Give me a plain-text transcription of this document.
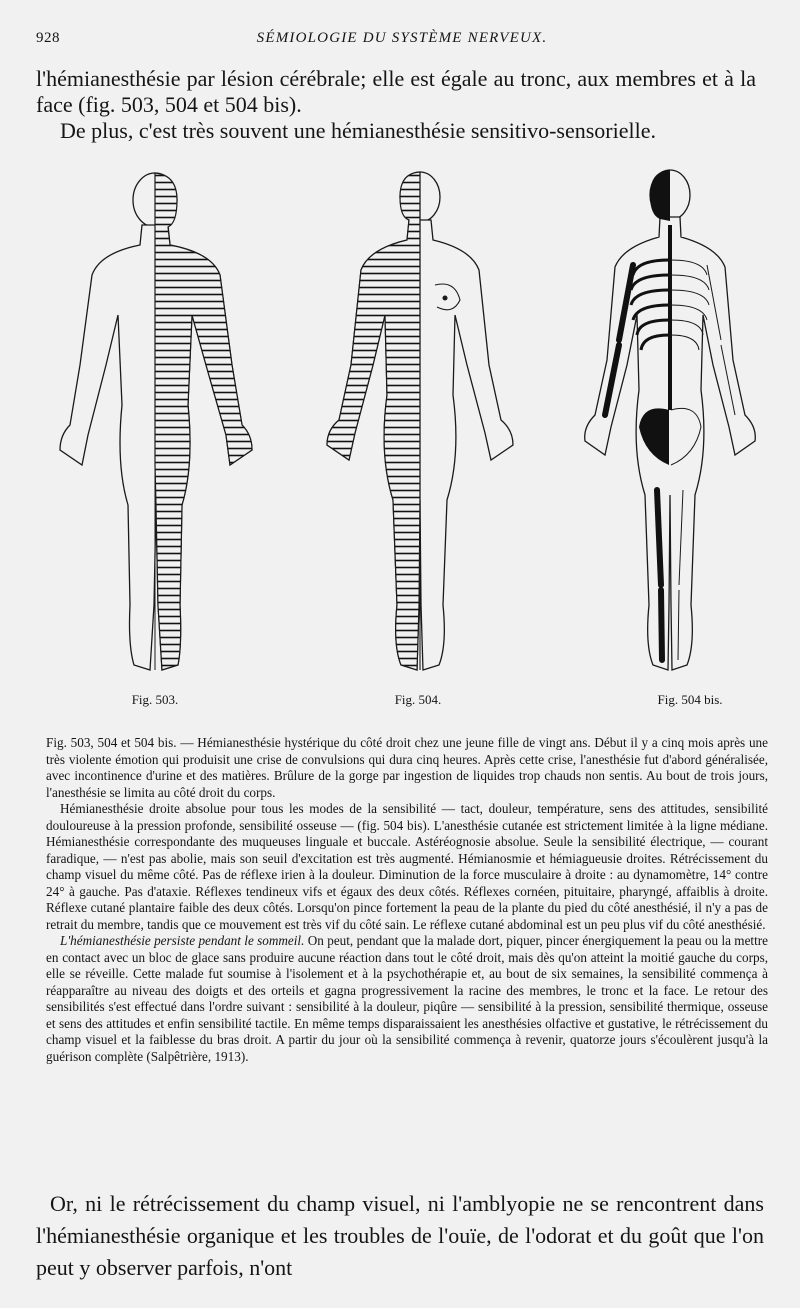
928	SÉMIOLOGIE DU SYSTÈME NERVEUX.

l'hémianesthésie par lésion cérébrale; elle est égale au tronc, aux membres et à la face (fig. 503, 504 et 504 bis).

De plus, c'est très souvent une hémianesthésie sensitivo-sensorielle.

Fig. 503.	Fig. 504.	Fig. 504 bis.

Fig. 503, 504 et 504 bis. — Hémianesthésie hystérique du côté droit chez une jeune fille de vingt ans. Début il y a cinq mois après une très violente émotion qui produisit une crise de convulsions qui dura cinq heures. Après cette crise, l'anesthésie fut d'abord généralisée, avec incontinence d'urine et des matières. Brûlure de la gorge par ingestion de liquides trop chauds non sentis. Au bout de trois jours, l'anesthésie se limita au côté droit du corps.

Hémianesthésie droite absolue pour tous les modes de la sensibilité — tact, douleur, température, sens des attitudes, sensibilité douloureuse à la pression profonde, sensibilité osseuse — (fig. 504 bis). L'anesthésie cutanée est strictement limitée à la ligne médiane. Hémianesthésie correspondante des muqueuses linguale et buccale. Astéréognosie absolue. Seule la sensibilité électrique, — courant faradique, — n'est pas abolie, mais son seuil d'excitation est très augmenté. Hémianosmie et hémiagueusie droites. Rétrécissement du champ visuel du même côté. Pas de réflexe irien à la douleur. Diminution de la force musculaire à droite : au dynamomètre, 14° contre 24° à gauche. Pas d'ataxie. Réflexes tendineux vifs et égaux des deux côtés. Réflexes cornéen, pituitaire, pharyngé, affaiblis à droite. Réflexe cutané plantaire faible des deux côtés. Lorsqu'on pince fortement la peau de la plante du pied du côté anesthésié, il n'y a pas de retrait du membre, tandis que ce mouvement est très vif du côté sain. Le réflexe cutané abdominal est un peu plus vif du côté anesthésié.

L'hémianesthésie persiste pendant le sommeil. On peut, pendant que la malade dort, piquer, pincer énergiquement la peau ou la mettre en contact avec un bloc de glace sans produire aucune réaction dans tout le côté droit, mais dès qu'on atteint la moitié gauche du corps, elle se réveille. Cette malade fut soumise à l'isolement et à la psychothérapie et, au bout de six semaines, la sensibilité commença à réapparaître au niveau des doigts et des orteils et gagna progressivement la racine des membres, le tronc et la face. Le retour des sensibilités s'est effectué dans l'ordre suivant : sensibilité à la douleur, piqûre — sensibilité à la pression, sensibilité thermique, osseuse et sens des attitudes et enfin sensibilité tactile. En même temps disparaissaient les anesthésies olfactive et gustative, le rétrécissement du champ visuel et la faiblesse du bras droit. A partir du jour où la sensibilité commença à revenir, quatorze jours s'écoulèrent jusqu'à la guérison complète (Salpêtrière, 1913).

Or, ni le rétrécissement du champ visuel, ni l'amblyopie ne se rencontrent dans l'hémianesthésie organique et les troubles de l'ouïe, de l'odorat et du goût que l'on peut y observer parfois, n'ont
